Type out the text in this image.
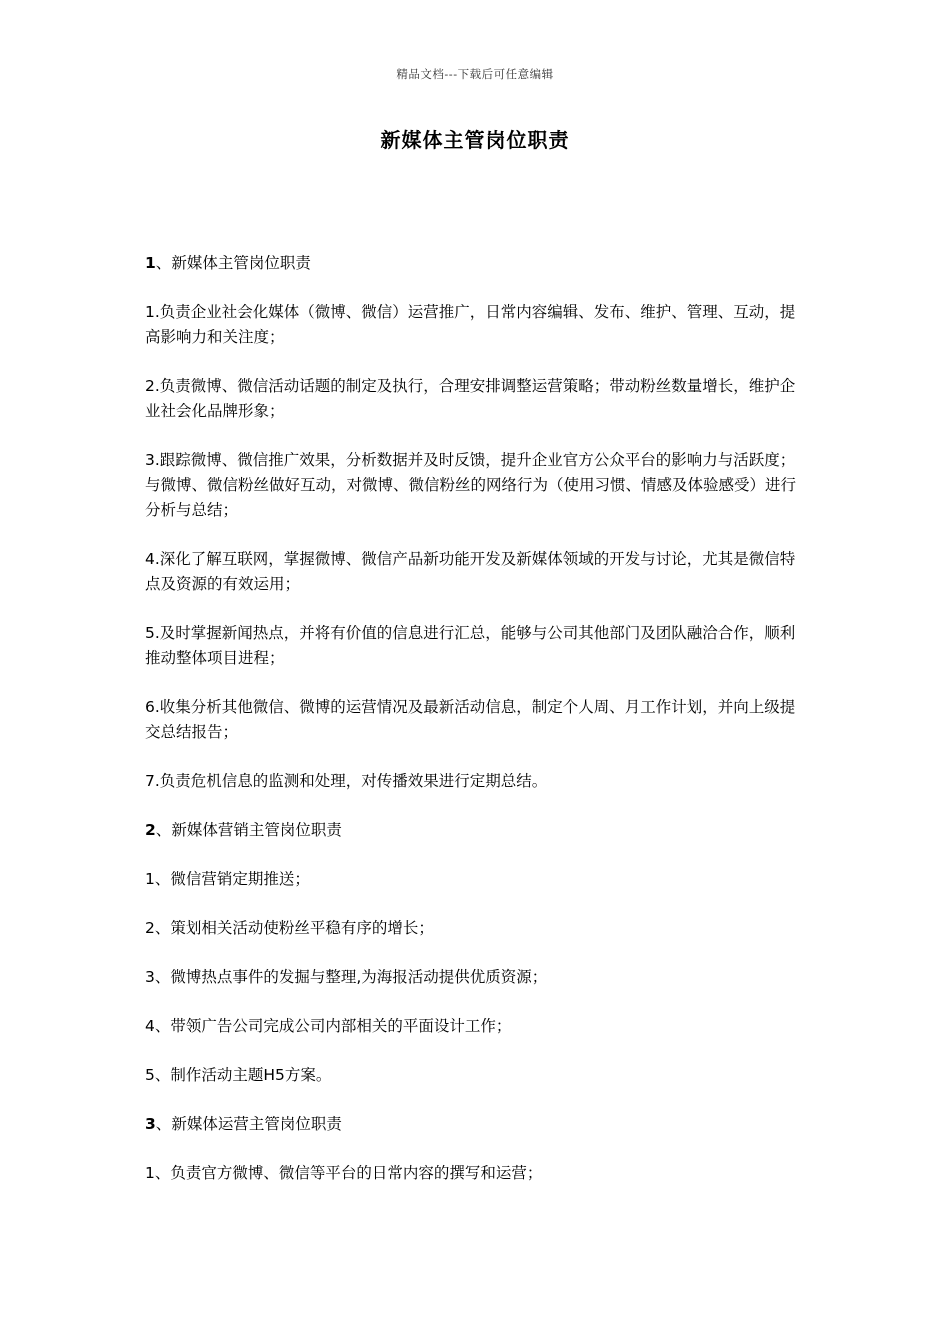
精品文档---下载后可任意编辑
新媒体主管岗位职责
1、新媒体主管岗位职责
1.负责企业社会化媒体（微博、微信）运营推广，日常内容编辑、发布、维护、管理、互动，提高影响力和关注度；
2.负责微博、微信活动话题的制定及执行，合理安排调整运营策略；带动粉丝数量增长，维护企业社会化品牌形象；
3.跟踪微博、微信推广效果，分析数据并及时反馈，提升企业官方公众平台的影响力与活跃度；与微博、微信粉丝做好互动，对微博、微信粉丝的网络行为（使用习惯、情感及体验感受）进行分析与总结；
4.深化了解互联网，掌握微博、微信产品新功能开发及新媒体领域的开发与讨论，尤其是微信特点及资源的有效运用；
5.及时掌握新闻热点，并将有价值的信息进行汇总，能够与公司其他部门及团队融洽合作，顺利推动整体项目进程；
6.收集分析其他微信、微博的运营情况及最新活动信息，制定个人周、月工作计划，并向上级提交总结报告；
7.负责危机信息的监测和处理，对传播效果进行定期总结。
2、新媒体营销主管岗位职责
1、微信营销定期推送；
2、策划相关活动使粉丝平稳有序的增长；
3、微博热点事件的发掘与整理,为海报活动提供优质资源；
4、带领广告公司完成公司内部相关的平面设计工作；
5、制作活动主题H5方案。
3、新媒体运营主管岗位职责
1、负责官方微博、微信等平台的日常内容的撰写和运营；
